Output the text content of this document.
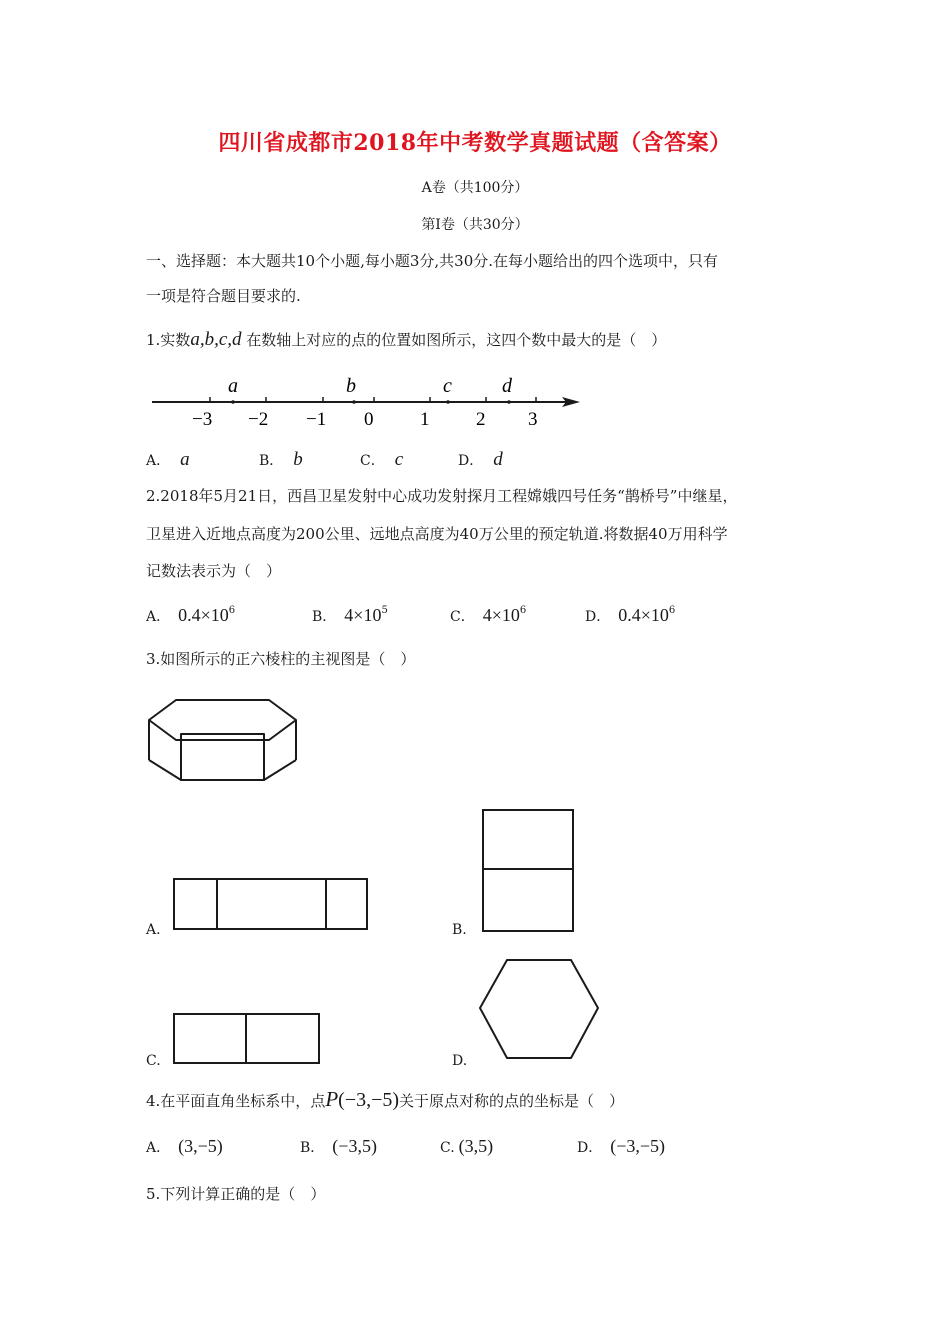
四川省成都市2018年中考数学真题试题（含答案）
A卷（共100分）
第Ⅰ卷（共30分）
一、选择题：本大题共10个小题,每小题3分,共30分.在每小题给出的四个选项中，只有
一项是符合题目要求的.
1.实数a,b,c,d 在数轴上对应的点的位置如图所示，这四个数中最大的是（　）
a	b	c	d
−3 −2 −1 0 1 2 3
A． a	B． b	C． c	D． d
2.2018年5月21日，西昌卫星发射中心成功发射探月工程嫦娥四号任务“鹊桥号”中继星，
卫星进入近地点高度为200公里、远地点高度为40万公里的预定轨道.将数据40万用科学
记数法表示为（　）
A． $0.4\times 10^6$	B． $4\times 10^5$	C． $4\times 10^6$	D． $0.4\times 10^6$
3.如图所示的正六棱柱的主视图是（　）
A.	B.
C.	D.
4.在平面直角坐标系中，点P(−3,−5)关于原点对称的点的坐标是（　）
A． (3,−5)	B． (−3,5)	C. (3,5)	D． (−3,−5)
5.下列计算正确的是（　）
